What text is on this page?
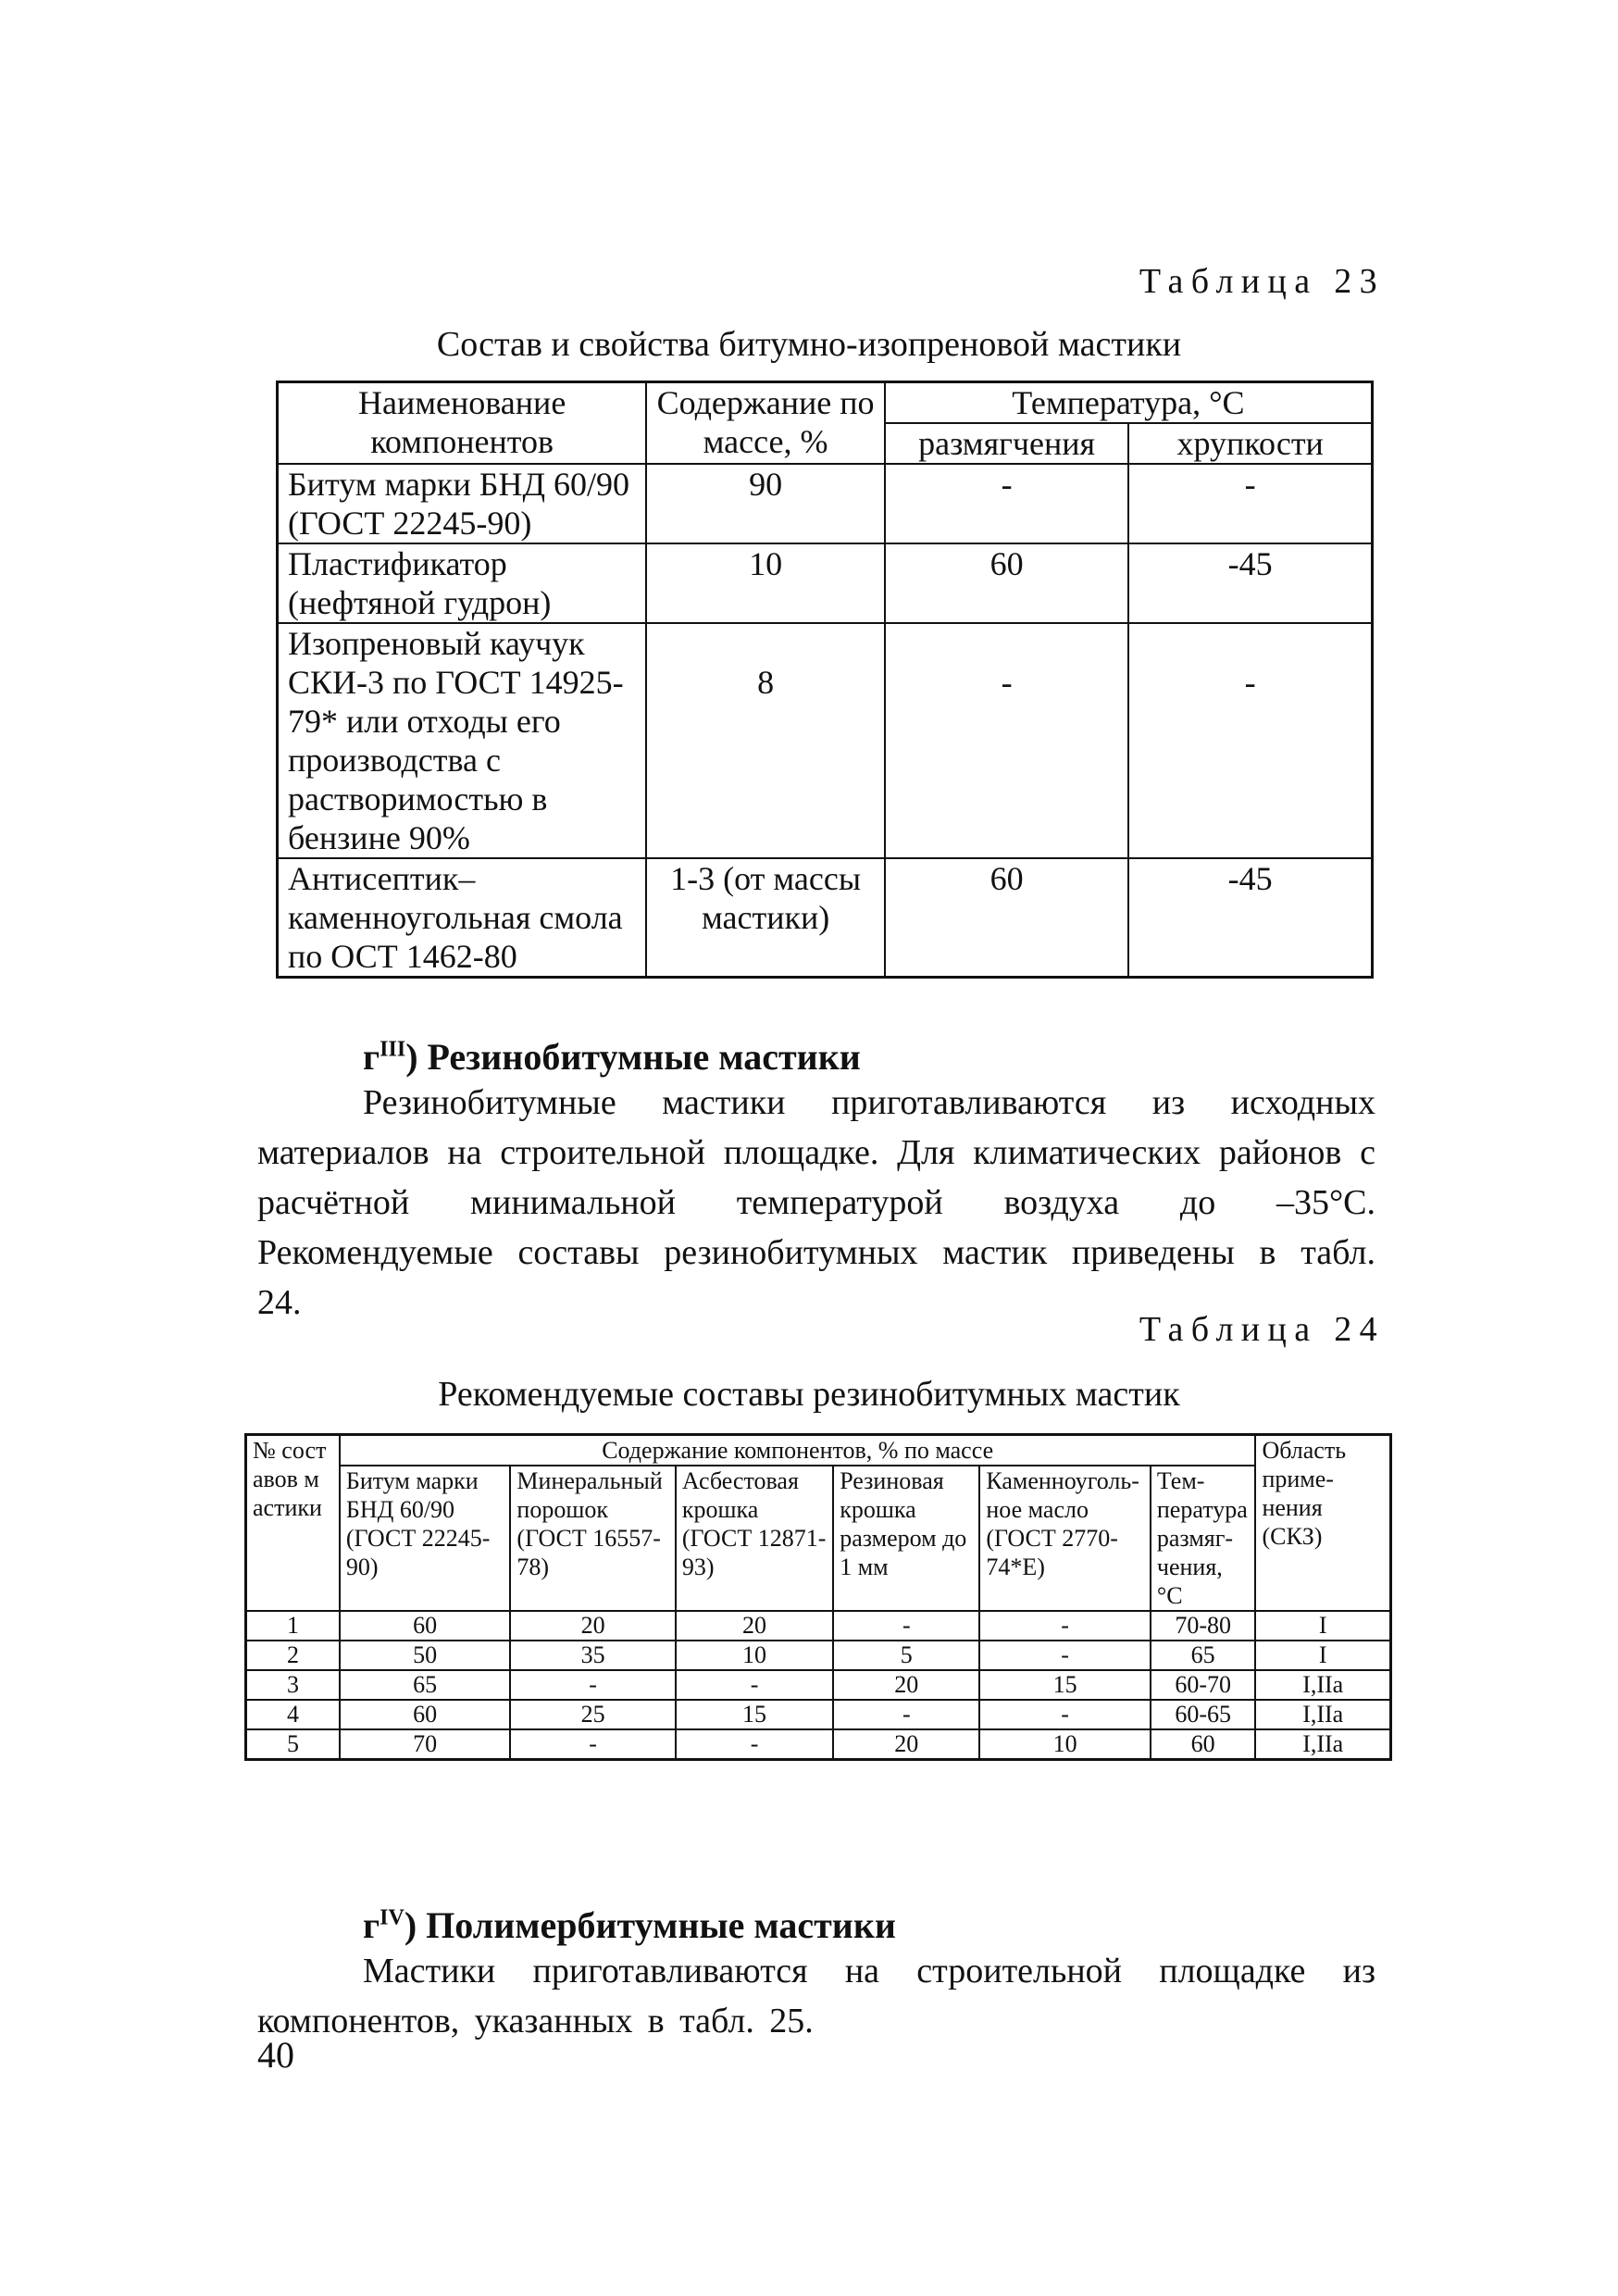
Таблица 23
Состав и свойства битумно-изопреновой мастики
Наименование компонентов	Содержание по массе, %	Температура, °С	
		размягчения	хрупкости
Битум марки БНД 60/90 (ГОСТ 22245-90)	90	-	-
Пластификатор (нефтяной гудрон)	10	60	-45
Изопреновый каучук СКИ-3 по ГОСТ 14925-79* или отходы его производства с растворимостью в бензине 90%	8	-	-
Антисептик– каменноугольная смола по ОСТ 1462-80	1-3 (от массы мастики)	60	-45
$г^{III}$) Резинобитумные мастики
Резинобитумные мастики приготавливаются из исходных материалов на строительной площадке. Для климатических районов с расчётной минимальной температурой воздуха до –35°С. Рекомендуемые составы резинобитумных мастик приведены в табл. 24.
Таблица 24
Рекомендуемые составы резинобитумных мастик
№ составов мастики	Содержание компонентов, % по массе						Область применения (СКЗ)
	Битум марки БНД 60/90 (ГОСТ 22245-90)	Минеральный порошок (ГОСТ 16557-78)	Асбестовая крошка (ГОСТ 12871-93)	Резиновая крошка размером до 1 мм	Каменноугольное масло (ГОСТ 2770- 74*Е)	Температура размягчения, °С	
1	60	20	20	-	-	70-80	I
2	50	35	10	5	-	65	I
3	65	-	-	20	15	60-70	I,IIa
4	60	25	15	-	-	60-65	I,IIa
5	70	-	-	20	10	60	I,IIa
$г^{IV}$) Полимербитумные мастики
Мастики приготавливаются на строительной площадке из компонентов, указанных в табл. 25.
40
